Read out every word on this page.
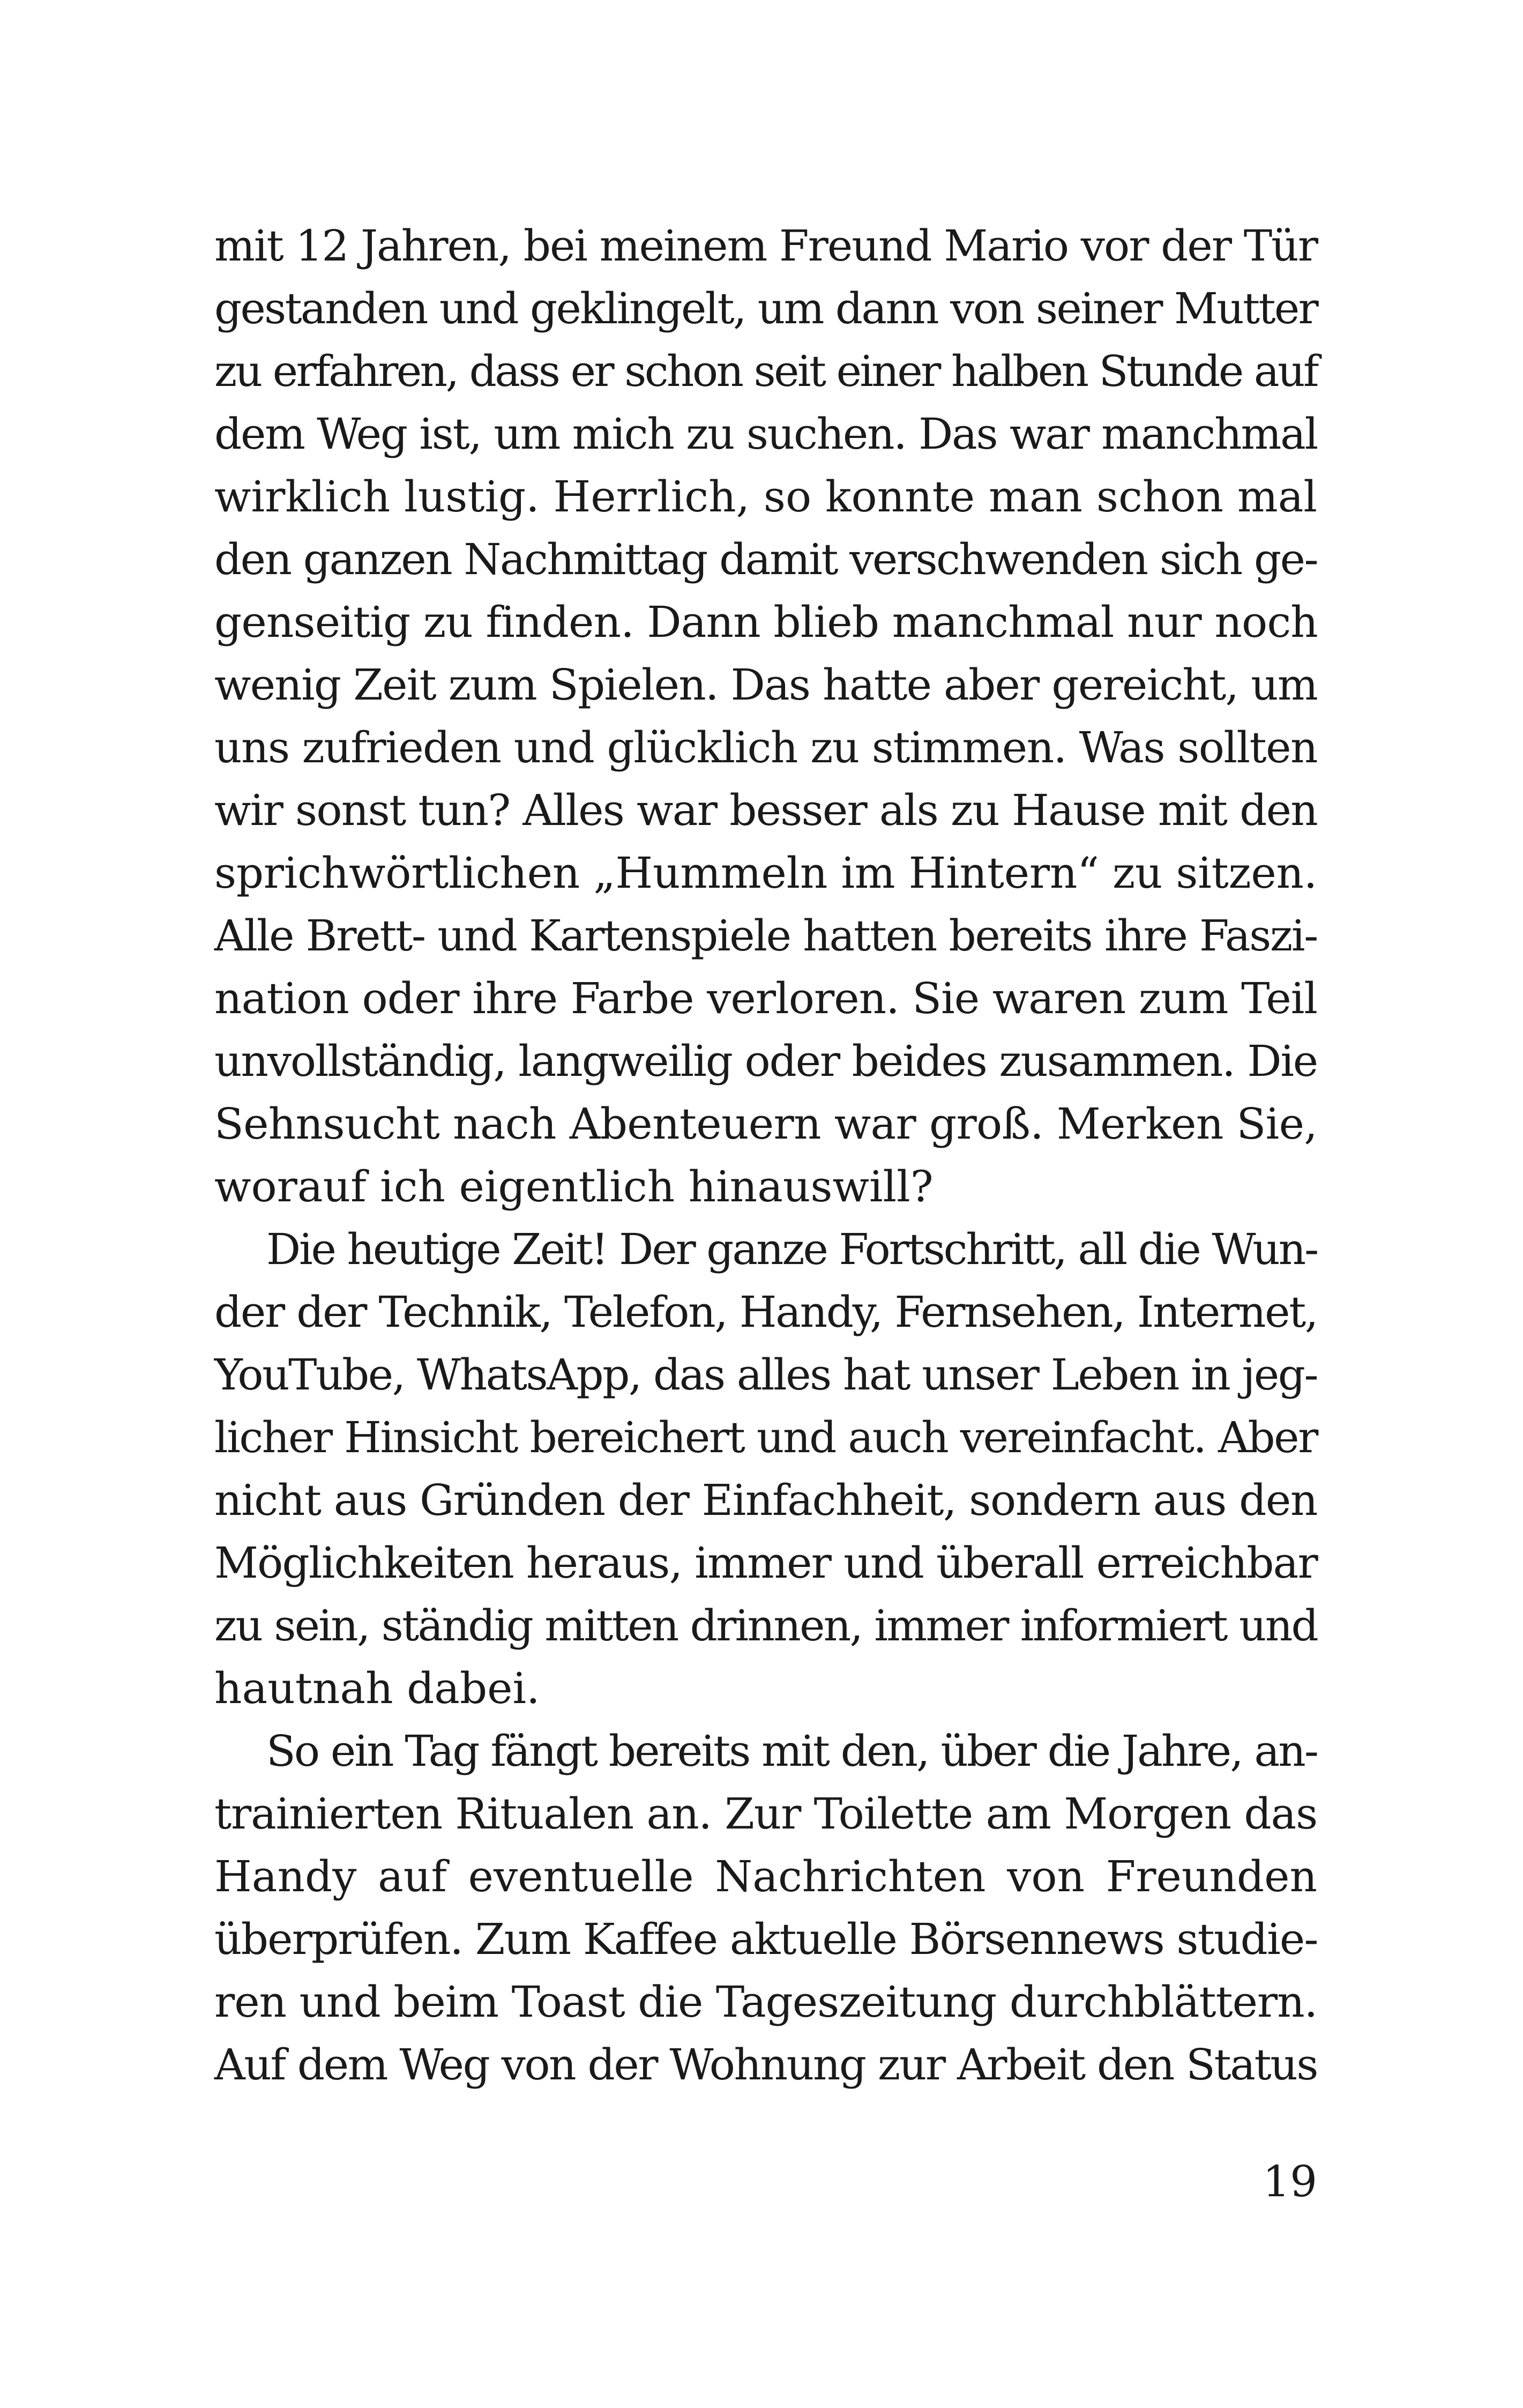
mit 12 Jahren, bei meinem Freund Mario vor der Tür
gestanden und geklingelt, um dann von seiner Mutter
zu erfahren, dass er schon seit einer halben Stunde auf
dem Weg ist, um mich zu suchen. Das war manchmal
wirklich lustig. Herrlich, so konnte man schon mal
den ganzen Nachmittag damit verschwenden sich ge-
genseitig zu finden. Dann blieb manchmal nur noch
wenig Zeit zum Spielen. Das hatte aber gereicht, um
uns zufrieden und glücklich zu stimmen. Was sollten
wir sonst tun? Alles war besser als zu Hause mit den
sprichwörtlichen „Hummeln im Hintern“ zu sitzen.
Alle Brett- und Kartenspiele hatten bereits ihre Faszi-
nation oder ihre Farbe verloren. Sie waren zum Teil
unvollständig, langweilig oder beides zusammen. Die
Sehnsucht nach Abenteuern war groß. Merken Sie,
worauf ich eigentlich hinauswill?
Die heutige Zeit! Der ganze Fortschritt, all die Wun-
der der Technik, Telefon, Handy, Fernsehen, Internet,
YouTube, WhatsApp, das alles hat unser Leben in jeg-
licher Hinsicht bereichert und auch vereinfacht. Aber
nicht aus Gründen der Einfachheit, sondern aus den
Möglichkeiten heraus, immer und überall erreichbar
zu sein, ständig mitten drinnen, immer informiert und
hautnah dabei.
So ein Tag fängt bereits mit den, über die Jahre, an-
trainierten Ritualen an. Zur Toilette am Morgen das
Handy auf eventuelle Nachrichten von Freunden
überprüfen. Zum Kaffee aktuelle Börsennews studie-
ren und beim Toast die Tageszeitung durchblättern.
Auf dem Weg von der Wohnung zur Arbeit den Status
19
